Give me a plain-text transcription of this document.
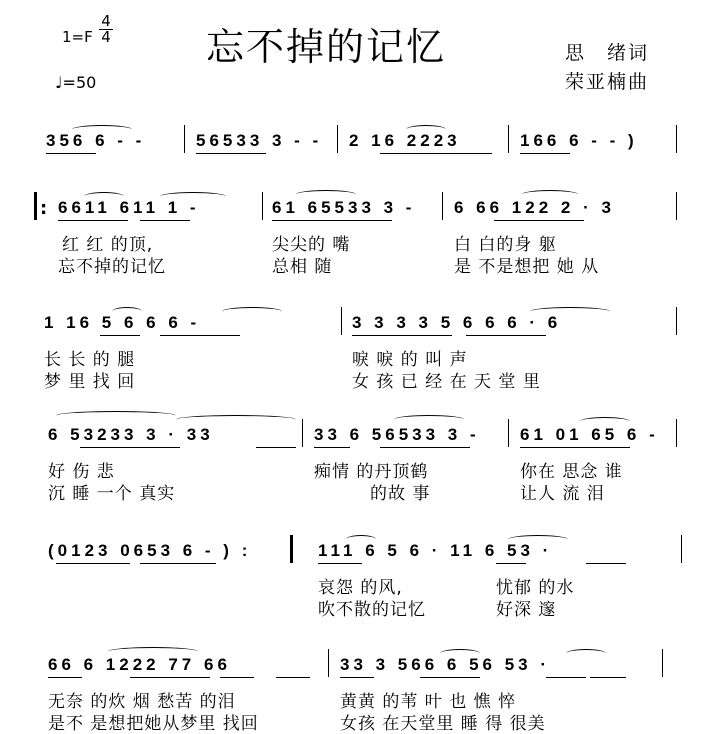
忘不掉的记忆
1=F
4
4
♩=50
思　绪词
荣亚楠曲
356 6 - -	56533 3 - - 2 16 2223	166 6 - - )
: 6611 611 1 -	61 65533 3 - 6 66 122 2 · 3
红 红 的顶,	尖尖的 嘴	白 白的身 躯
忘不掉的记忆	总相 随	是 不是想把 她 从
1 16 5 6 6 6 -	3 3 3 3 5 6 6 6 · 6
长 长 的 腿	唳 唳 的 叫 声
梦 里 找 回	女 孩 已 经 在 天 堂 里
6 53233 3 · 33	33 6 56533 3 - 61 01 65 6 -
好 伤 悲	痴情 的丹顶鹤	你在 思念 谁
沉 睡 一个 真实	的故 事	让人 流 泪
(0123 0653 6 - ) :	111 6 5 6 · 11 6 53 ·
哀怨 的风,	忧郁 的水
吹不散的记忆	好深 邃
66 6 1222 77 66	33 3 566 6 56 53 ·
无奈 的炊 烟 愁苦 的泪	黄黄 的苇 叶 也 憔 悴
是不 是想把她从梦里 找回	女孩 在天堂里 睡 得 很美
